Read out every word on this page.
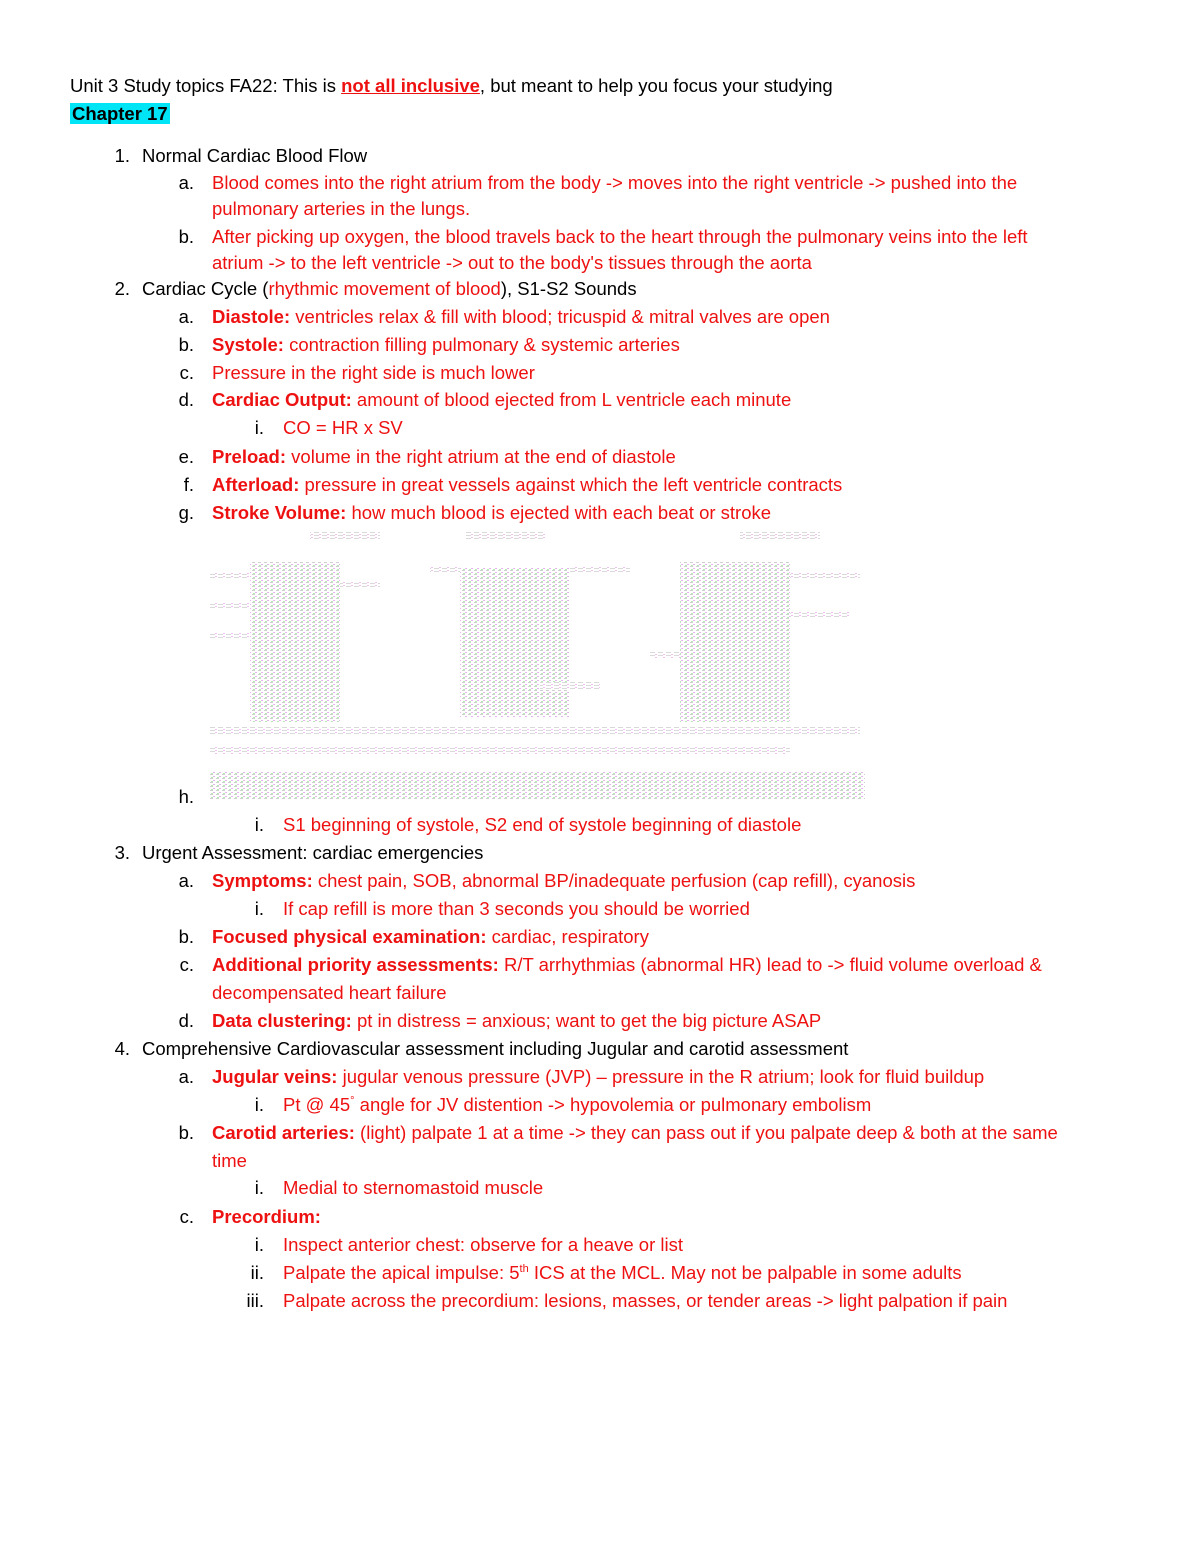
Unit 3 Study topics FA22: This is not all inclusive, but meant to help you focus your studying
Chapter 17
1. Normal Cardiac Blood Flow
a. Blood comes into the right atrium from the body -> moves into the right ventricle -> pushed into the
pulmonary arteries in the lungs.
b. After picking up oxygen, the blood travels back to the heart through the pulmonary veins into the left
atrium -> to the left ventricle -> out to the body's tissues through the aorta
2. Cardiac Cycle (rhythmic movement of blood), S1-S2 Sounds
a. Diastole: ventricles relax & fill with blood; tricuspid & mitral valves are open
b. Systole: contraction filling pulmonary & systemic arteries
c. Pressure in the right side is much lower
d. Cardiac Output: amount of blood ejected from L ventricle each minute
i. CO = HR x SV
e. Preload: volume in the right atrium at the end of diastole
f. Afterload: pressure in great vessels against which the left ventricle contracts
g. Stroke Volume: how much blood is ejected with each beat or stroke
h.
i. S1 beginning of systole, S2 end of systole beginning of diastole
3. Urgent Assessment: cardiac emergencies
a. Symptoms: chest pain, SOB, abnormal BP/inadequate perfusion (cap refill), cyanosis
i. If cap refill is more than 3 seconds you should be worried
b. Focused physical examination: cardiac, respiratory
c. Additional priority assessments: R/T arrhythmias (abnormal HR) lead to -> fluid volume overload &
decompensated heart failure
d. Data clustering: pt in distress = anxious; want to get the big picture ASAP
4. Comprehensive Cardiovascular assessment including Jugular and carotid assessment
a. Jugular veins: jugular venous pressure (JVP) – pressure in the R atrium; look for fluid buildup
i. Pt @ 45° angle for JV distention -> hypovolemia or pulmonary embolism
b. Carotid arteries: (light) palpate 1 at a time -> they can pass out if you palpate deep & both at the same
time
i. Medial to sternomastoid muscle
c. Precordium:
i. Inspect anterior chest: observe for a heave or list
ii. Palpate the apical impulse: 5th ICS at the MCL. May not be palpable in some adults
iii. Palpate across the precordium: lesions, masses, or tender areas -> light palpation if pain
